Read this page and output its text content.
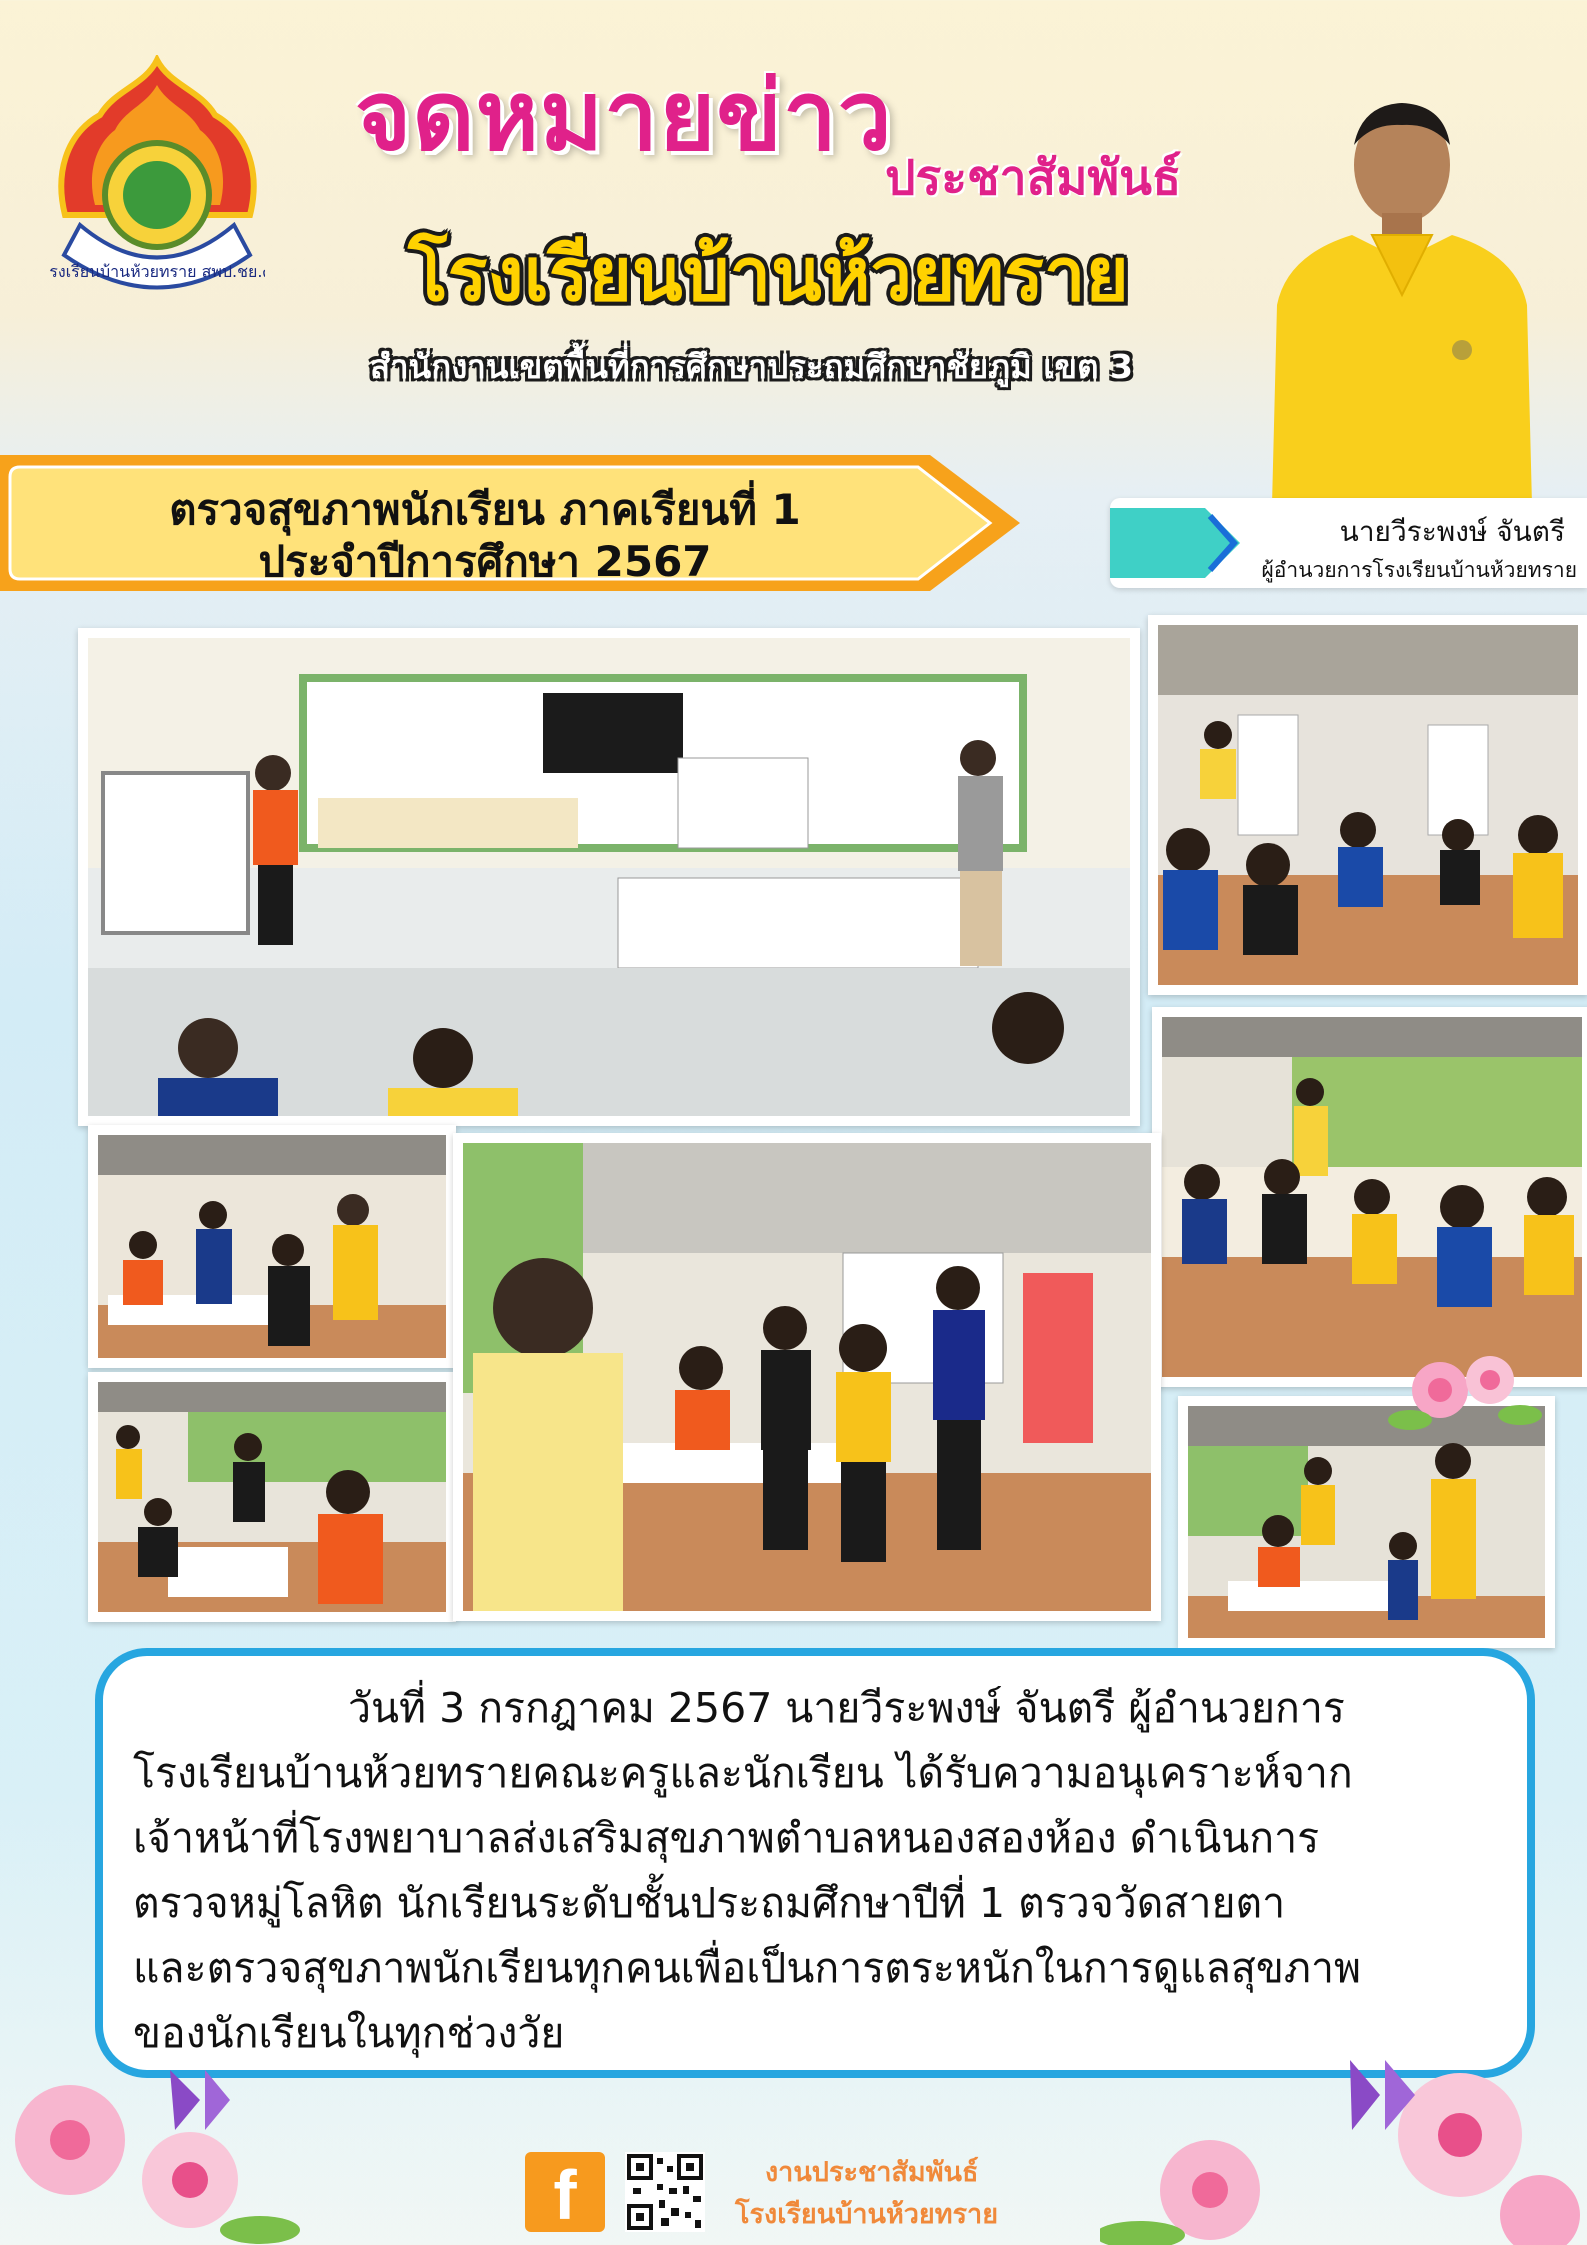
โรงเรียนบ้านห้วยทราย สพป.ชย.๓
จดหมายข่าว
ประชาสัมพันธ์
โรงเรียนบ้านห้วยทราย
สำนักงานเขตพื้นที่การศึกษาประถมศึกษาชัยภูมิ เขต 3
ตรวจสุขภาพนักเรียน ภาคเรียนที่ 1
ประจำปีการศึกษา 2567
นายวีระพงษ์ จันตรี
ผู้อำนวยการโรงเรียนบ้านห้วยทราย
วันที่ 3 กรกฎาคม 2567 นายวีระพงษ์ จันตรี ผู้อำนวยการ
โรงเรียนบ้านห้วยทรายคณะครูและนักเรียน ได้รับความอนุเคราะห์จาก
เจ้าหน้าที่โรงพยาบาลส่งเสริมสุขภาพตำบลหนองสองห้อง ดำเนินการ
ตรวจหมู่โลหิต นักเรียนระดับชั้นประถมศึกษาปีที่ 1 ตรวจวัดสายตา
และตรวจสุขภาพนักเรียนทุกคนเพื่อเป็นการตระหนักในการดูแลสุขภาพ
ของนักเรียนในทุกช่วงวัย
f	งานประชาสัมพันธ์
โรงเรียนบ้านห้วยทราย
